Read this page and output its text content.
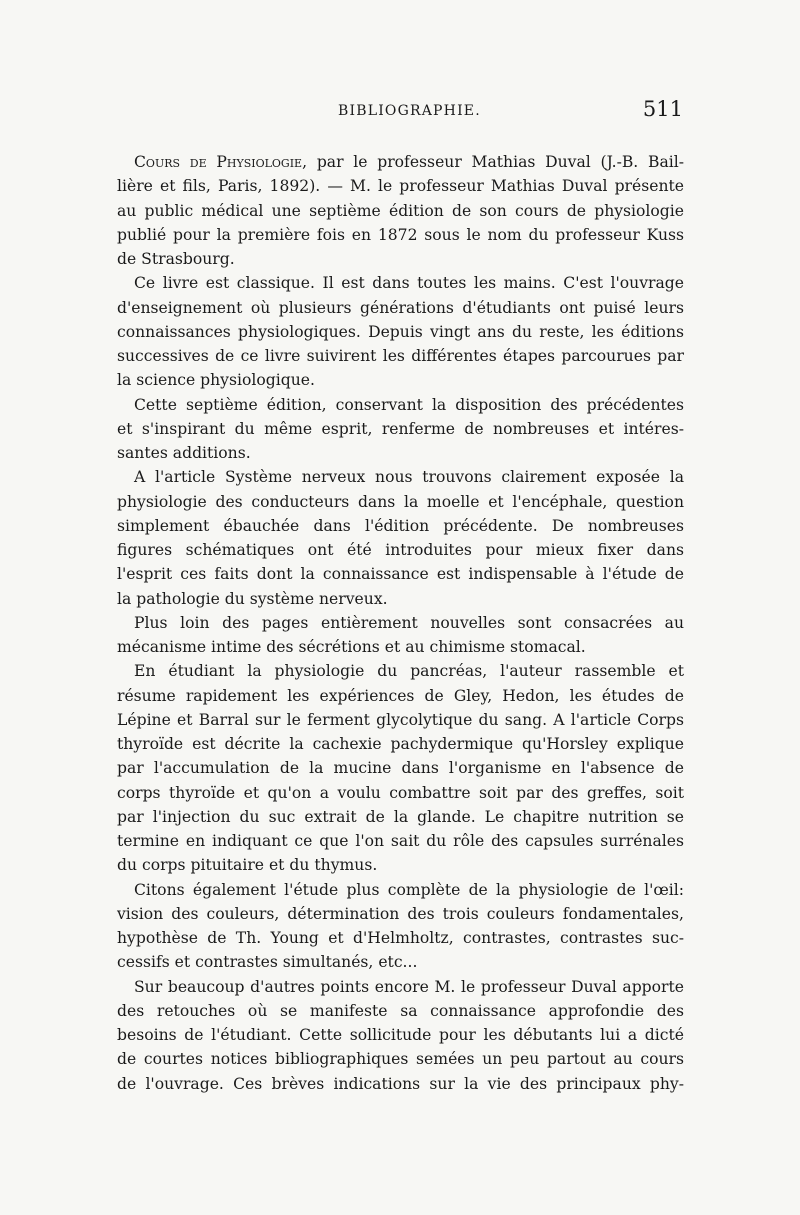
BIBLIOGRAPHIE.	511
Cours de Physiologie, par le professeur Mathias Duval (J.-B. Bail-
lière et fils, Paris, 1892). — M. le professeur Mathias Duval présente
au public médical une septième édition de son cours de physiologie
publié pour la première fois en 1872 sous le nom du professeur Kuss
de Strasbourg.
Ce livre est classique. Il est dans toutes les mains. C'est l'ouvrage
d'enseignement où plusieurs générations d'étudiants ont puisé leurs
connaissances physiologiques. Depuis vingt ans du reste, les éditions
successives de ce livre suivirent les différentes étapes parcourues par
la science physiologique.
Cette septième édition, conservant la disposition des précédentes
et s'inspirant du même esprit, renferme de nombreuses et intéres-
santes additions.
A l'article Système nerveux nous trouvons clairement exposée la
physiologie des conducteurs dans la moelle et l'encéphale, question
simplement ébauchée dans l'édition précédente. De nombreuses
figures schématiques ont été introduites pour mieux fixer dans
l'esprit ces faits dont la connaissance est indispensable à l'étude de
la pathologie du système nerveux.
Plus loin des pages entièrement nouvelles sont consacrées au
mécanisme intime des sécrétions et au chimisme stomacal.
En étudiant la physiologie du pancréas, l'auteur rassemble et
résume rapidement les expériences de Gley, Hedon, les études de
Lépine et Barral sur le ferment glycolytique du sang. A l'article Corps
thyroïde est décrite la cachexie pachydermique qu'Horsley explique
par l'accumulation de la mucine dans l'organisme en l'absence de
corps thyroïde et qu'on a voulu combattre soit par des greffes, soit
par l'injection du suc extrait de la glande. Le chapitre nutrition se
termine en indiquant ce que l'on sait du rôle des capsules surrénales
du corps pituitaire et du thymus.
Citons également l'étude plus complète de la physiologie de l'œil:
vision des couleurs, détermination des trois couleurs fondamentales,
hypothèse de Th. Young et d'Helmholtz, contrastes, contrastes suc-
cessifs et contrastes simultanés, etc...
Sur beaucoup d'autres points encore M. le professeur Duval apporte
des retouches où se manifeste sa connaissance approfondie des
besoins de l'étudiant. Cette sollicitude pour les débutants lui a dicté
de courtes notices bibliographiques semées un peu partout au cours
de l'ouvrage. Ces brèves indications sur la vie des principaux phy-
